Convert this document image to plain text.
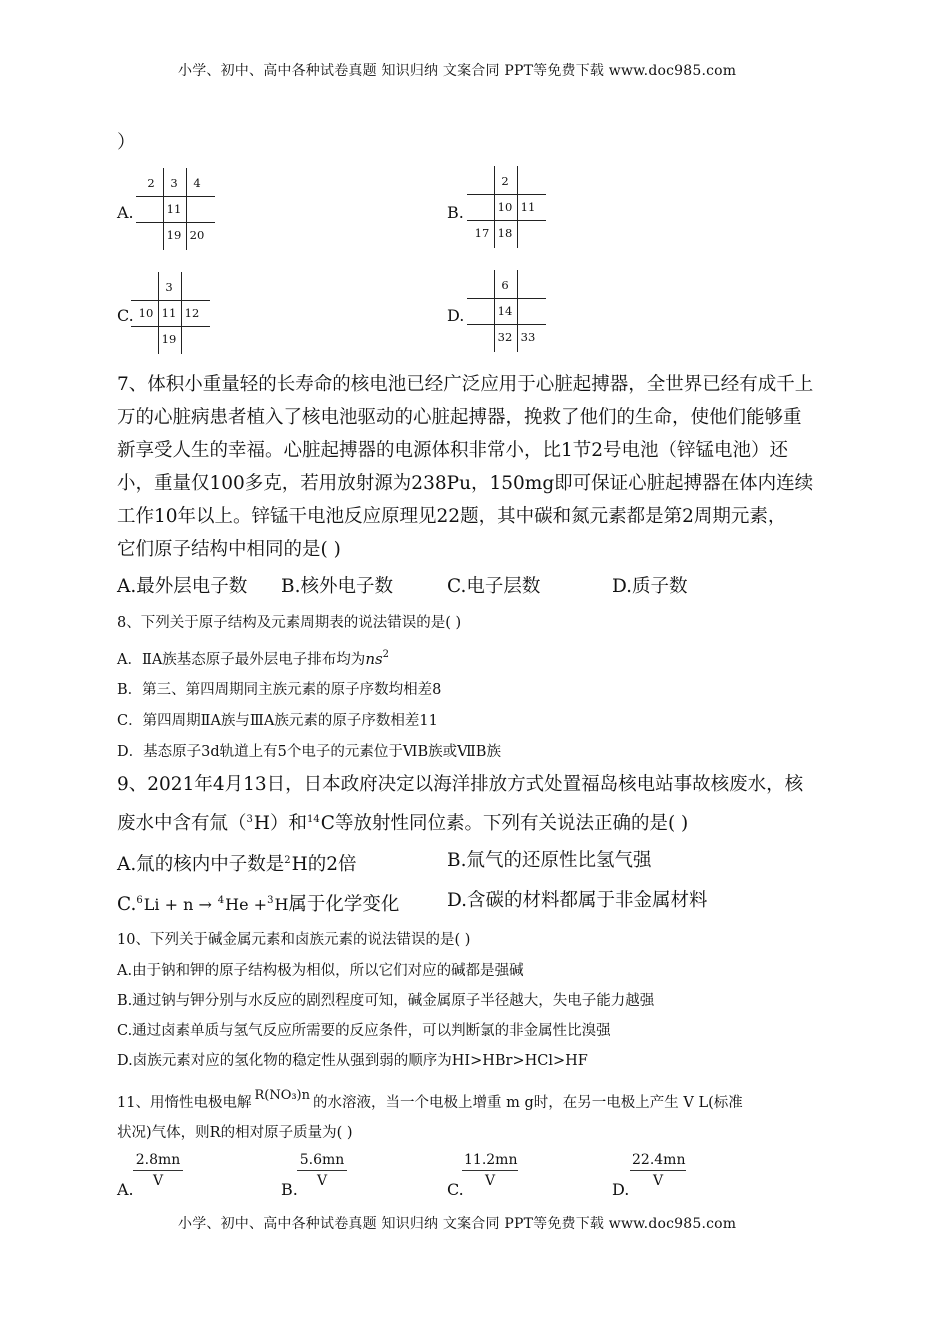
小学、初中、高中各种试卷真题 知识归纳 文案合同 PPT等免费下载 www.doc985.com
）
A.
2	3	4
11
19 20
B.
2
10 11
17 18
C.
3
10 11 12
19
D.
6
14
32 33
7、体积小重量轻的长寿命的核电池已经广泛应用于心脏起搏器，全世界已经有成千上
万的心脏病患者植入了核电池驱动的心脏起搏器，挽救了他们的生命，使他们能够重
新享受人生的幸福。心脏起搏器的电源体积非常小，比1节2号电池（锌锰电池）还
小，重量仅100多克，若用放射源为238Pu，150mg即可保证心脏起搏器在体内连续
工作10年以上。锌锰干电池反应原理见22题，其中碳和氮元素都是第2周期元素，
它们原子结构中相同的是( )
A.最外层电子数 B.核外电子数	C.电子层数	D.质子数
8、下列关于原子结构及元素周期表的说法错误的是( )
A．ⅡA族基态原子最外层电子排布均为$ns^2$
B．第三、第四周期同主族元素的原子序数均相差8
C．第四周期ⅡA族与ⅢA族元素的原子序数相差11
D．基态原子3d轨道上有5个电子的元素位于ⅥB族或ⅦB族
9、2021年4月13日，日本政府决定以海洋排放方式处置福岛核电站事故核废水，核
废水中含有氚（$^3$H）和$^{14}$C等放射性同位素。下列有关说法正确的是( )
A.氚的核内中子数是$^2$H的2倍	B.氚气的还原性比氢气强
C.$^6$Li + n → $^4$He +$^3$H属于化学变化	D.含碳的材料都属于非金属材料
10、下列关于碱金属元素和卤族元素的说法错误的是( )
A.由于钠和钾的原子结构极为相似，所以它们对应的碱都是强碱
B.通过钠与钾分别与水反应的剧烈程度可知，碱金属原子半径越大，失电子能力越强
C.通过卤素单质与氢气反应所需要的反应条件，可以判断氯的非金属性比溴强
D.卤族元素对应的氢化物的稳定性从强到弱的顺序为HI>HBr>HCl>HF
11、用惰性电极电解 R(NO₃)n 的水溶液，当一个电极上增重 m g时，在另一电极上产生 V L(标准
状况)气体，则R的相对原子质量为( )
A.
$\frac{2.8mn}{V}$
B.
$\frac{5.6mn}{V}$
C.
$\frac{11.2mn}{V}$
D.
$\frac{22.4mn}{V}$
小学、初中、高中各种试卷真题 知识归纳 文案合同 PPT等免费下载 www.doc985.com
